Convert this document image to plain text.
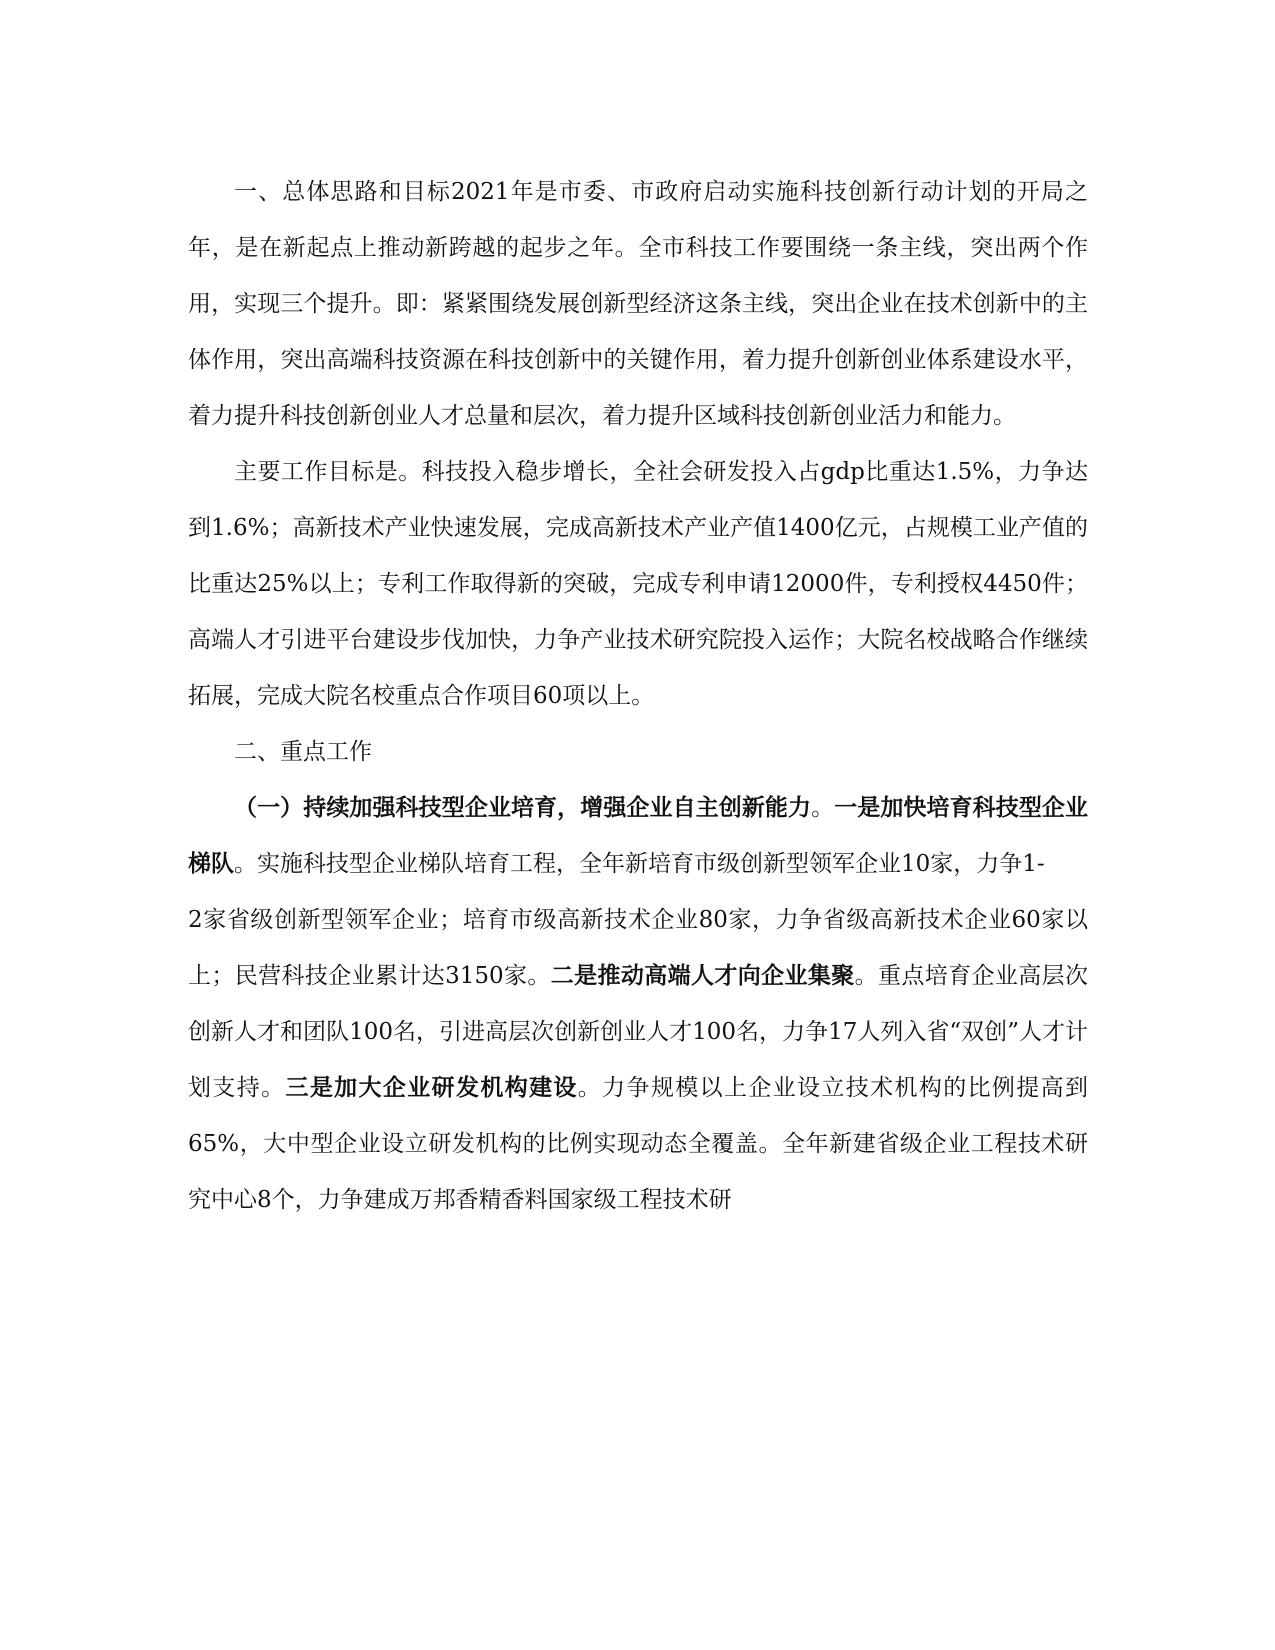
一、总体思路和目标2021年是市委、市政府启动实施科技创新行动计划的开局之年，是在新起点上推动新跨越的起步之年。全市科技工作要围绕一条主线，突出两个作用，实现三个提升。即：紧紧围绕发展创新型经济这条主线，突出企业在技术创新中的主体作用，突出高端科技资源在科技创新中的关键作用，着力提升创新创业体系建设水平，着力提升科技创新创业人才总量和层次，着力提升区域科技创新创业活力和能力。

主要工作目标是。科技投入稳步增长，全社会研发投入占gdp比重达1.5%，力争达到1.6%；高新技术产业快速发展，完成高新技术产业产值1400亿元，占规模工业产值的比重达25%以上；专利工作取得新的突破，完成专利申请12000件，专利授权4450件；高端人才引进平台建设步伐加快，力争产业技术研究院投入运作；大院名校战略合作继续拓展，完成大院名校重点合作项目60项以上。

二、重点工作

（一）持续加强科技型企业培育，增强企业自主创新能力。一是加快培育科技型企业梯队。实施科技型企业梯队培育工程，全年新培育市级创新型领军企业10家，力争1-

2家省级创新型领军企业；培育市级高新技术企业80家，力争省级高新技术企业60家以上；民营科技企业累计达3150家。二是推动高端人才向企业集聚。重点培育企业高层次创新人才和团队100名，引进高层次创新创业人才100名，力争17人列入省“双创”人才计划支持。三是加大企业研发机构建设。力争规模以上企业设立技术机构的比例提高到65%，大中型企业设立研发机构的比例实现动态全覆盖。全年新建省级企业工程技术研究中心8个，力争建成万邦香精香料国家级工程技术研
